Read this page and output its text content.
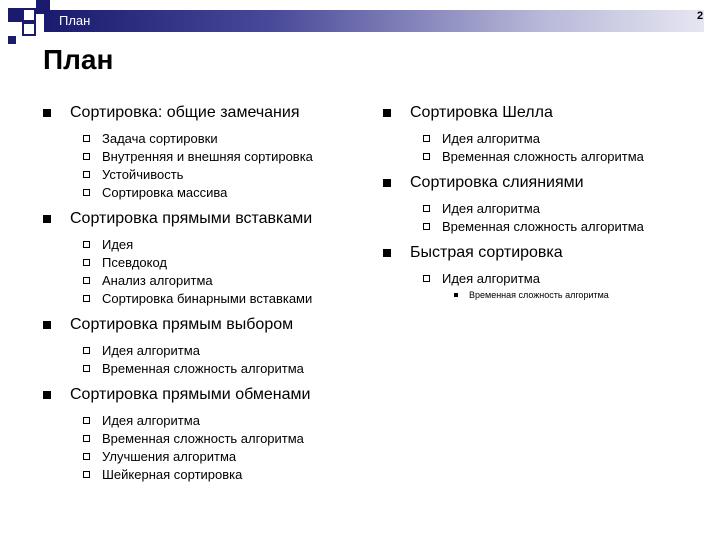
План	2
План
Сортировка: общие замечания
Задача сортировки
Внутренняя и внешняя сортировка
Устойчивость
Сортировка массива
Сортировка прямыми вставками
Идея
Псевдокод
Анализ алгоритма
Сортировка бинарными вставками
Сортировка прямым выбором
Идея алгоритма
Временная сложность алгоритма
Сортировка прямыми обменами
Идея алгоритма
Временная сложность алгоритма
Улучшения алгоритма
Шейкерная сортировка
Сортировка Шелла
Идея алгоритма
Временная сложность алгоритма
Сортировка слияниями
Идея алгоритма
Временная сложность алгоритма
Быстрая сортировка
Идея алгоритма
Временная сложность алгоритма
